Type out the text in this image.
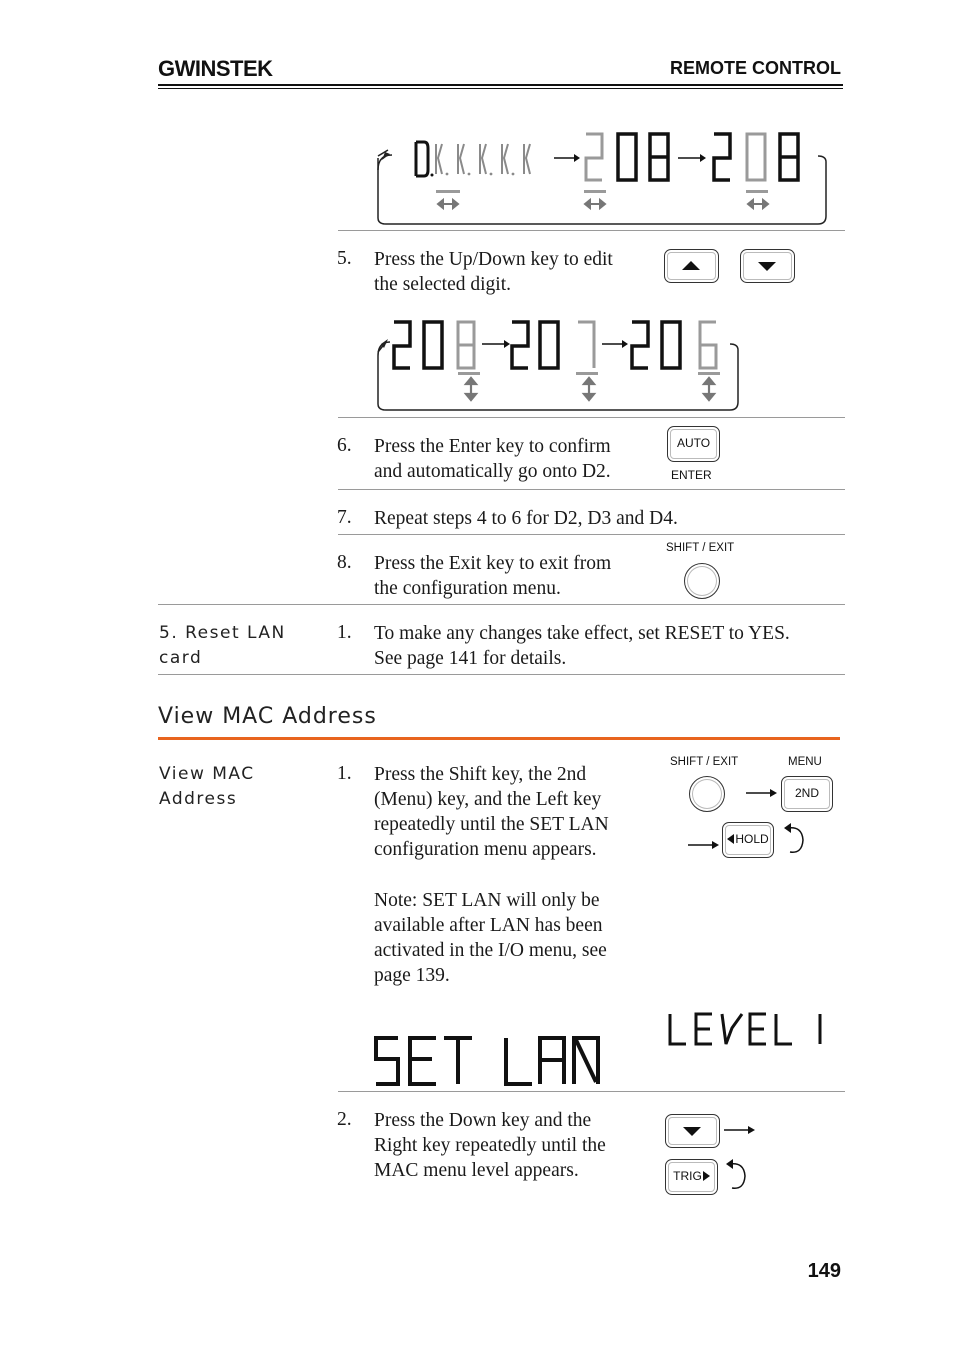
GWINSTEK	REMOTE CONTROL
5. Press the Up/Down key to edit
the selected digit.
6. Press the Enter key to confirm
and automatically go onto D2.
AUTO
ENTER
7. Repeat steps 4 to 6 for D2, D3 and D4.
8. Press the Exit key to exit from
the configuration menu.
SHIFT / EXIT
5. Reset LAN
card
1. To make any changes take effect, set RESET to YES.
See page 141 for details.
View MAC Address
View MAC
Address
1. Press the Shift key, the 2nd
(Menu) key, and the Left key
repeatedly until the SET LAN
configuration menu appears.
Note: SET LAN will only be
available after LAN has been
activated in the I/O menu, see
page 139.
SHIFT / EXIT	MENU
2ND
HOLD
2. Press the Down key and the
Right key repeatedly until the
MAC menu level appears.	TRIG
149
